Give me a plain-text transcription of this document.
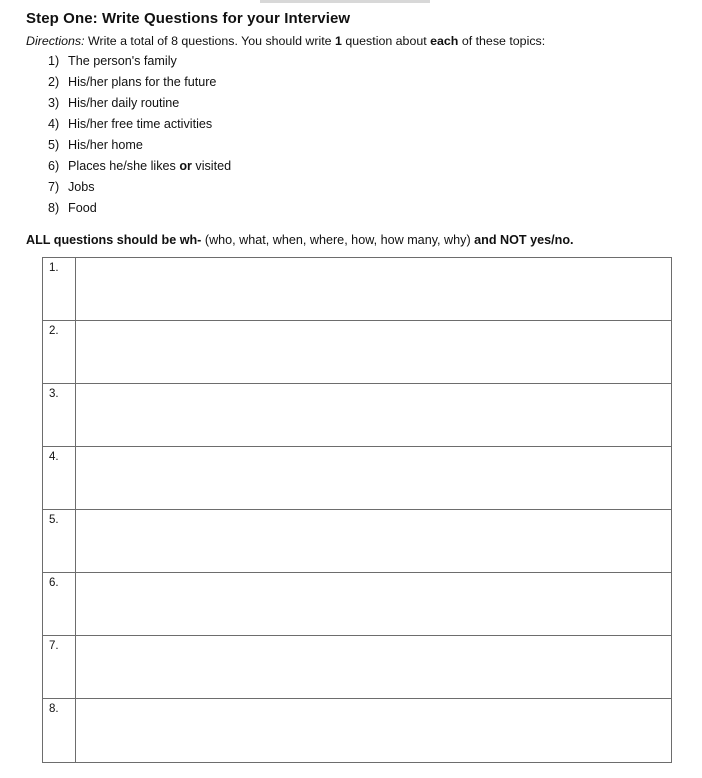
Step One: Write Questions for your Interview
Directions: Write a total of 8 questions. You should write 1 question about each of these topics:
1) The person's family
2) His/her plans for the future
3) His/her daily routine
4) His/her free time activities
5) His/her home
6) Places he/she likes or visited
7) Jobs
8) Food
ALL questions should be wh- (who, what, when, where, how, how many, why) and NOT yes/no.
1.
2.
3.
4.
5.
6.
7.
8.
